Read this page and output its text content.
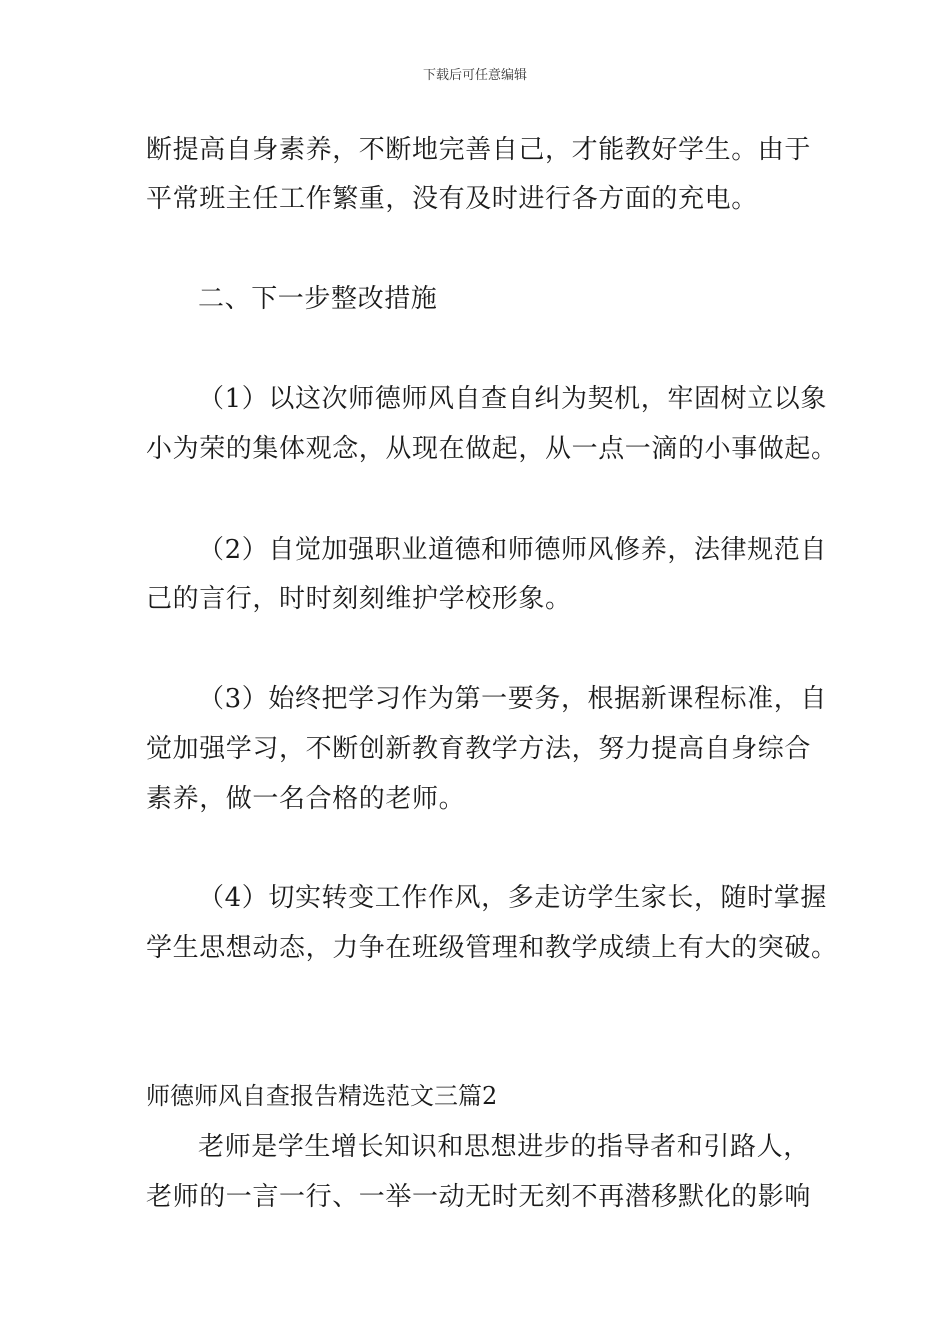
下载后可任意编辑
断提高自身素养，不断地完善自己，才能教好学生。由于
平常班主任工作繁重，没有及时进行各方面的充电。
二、下一步整改措施
（1）以这次师德师风自查自纠为契机，牢固树立以象
小为荣的集体观念，从现在做起，从一点一滴的小事做起。
（2）自觉加强职业道德和师德师风修养，法律规范自
己的言行，时时刻刻维护学校形象。
（3）始终把学习作为第一要务，根据新课程标准，自
觉加强学习，不断创新教育教学方法，努力提高自身综合
素养，做一名合格的老师。
（4）切实转变工作作风，多走访学生家长，随时掌握
学生思想动态，力争在班级管理和教学成绩上有大的突破。
师德师风自查报告精选范文三篇2
老师是学生增长知识和思想进步的指导者和引路人，
老师的一言一行、一举一动无时无刻不再潜移默化的影响
